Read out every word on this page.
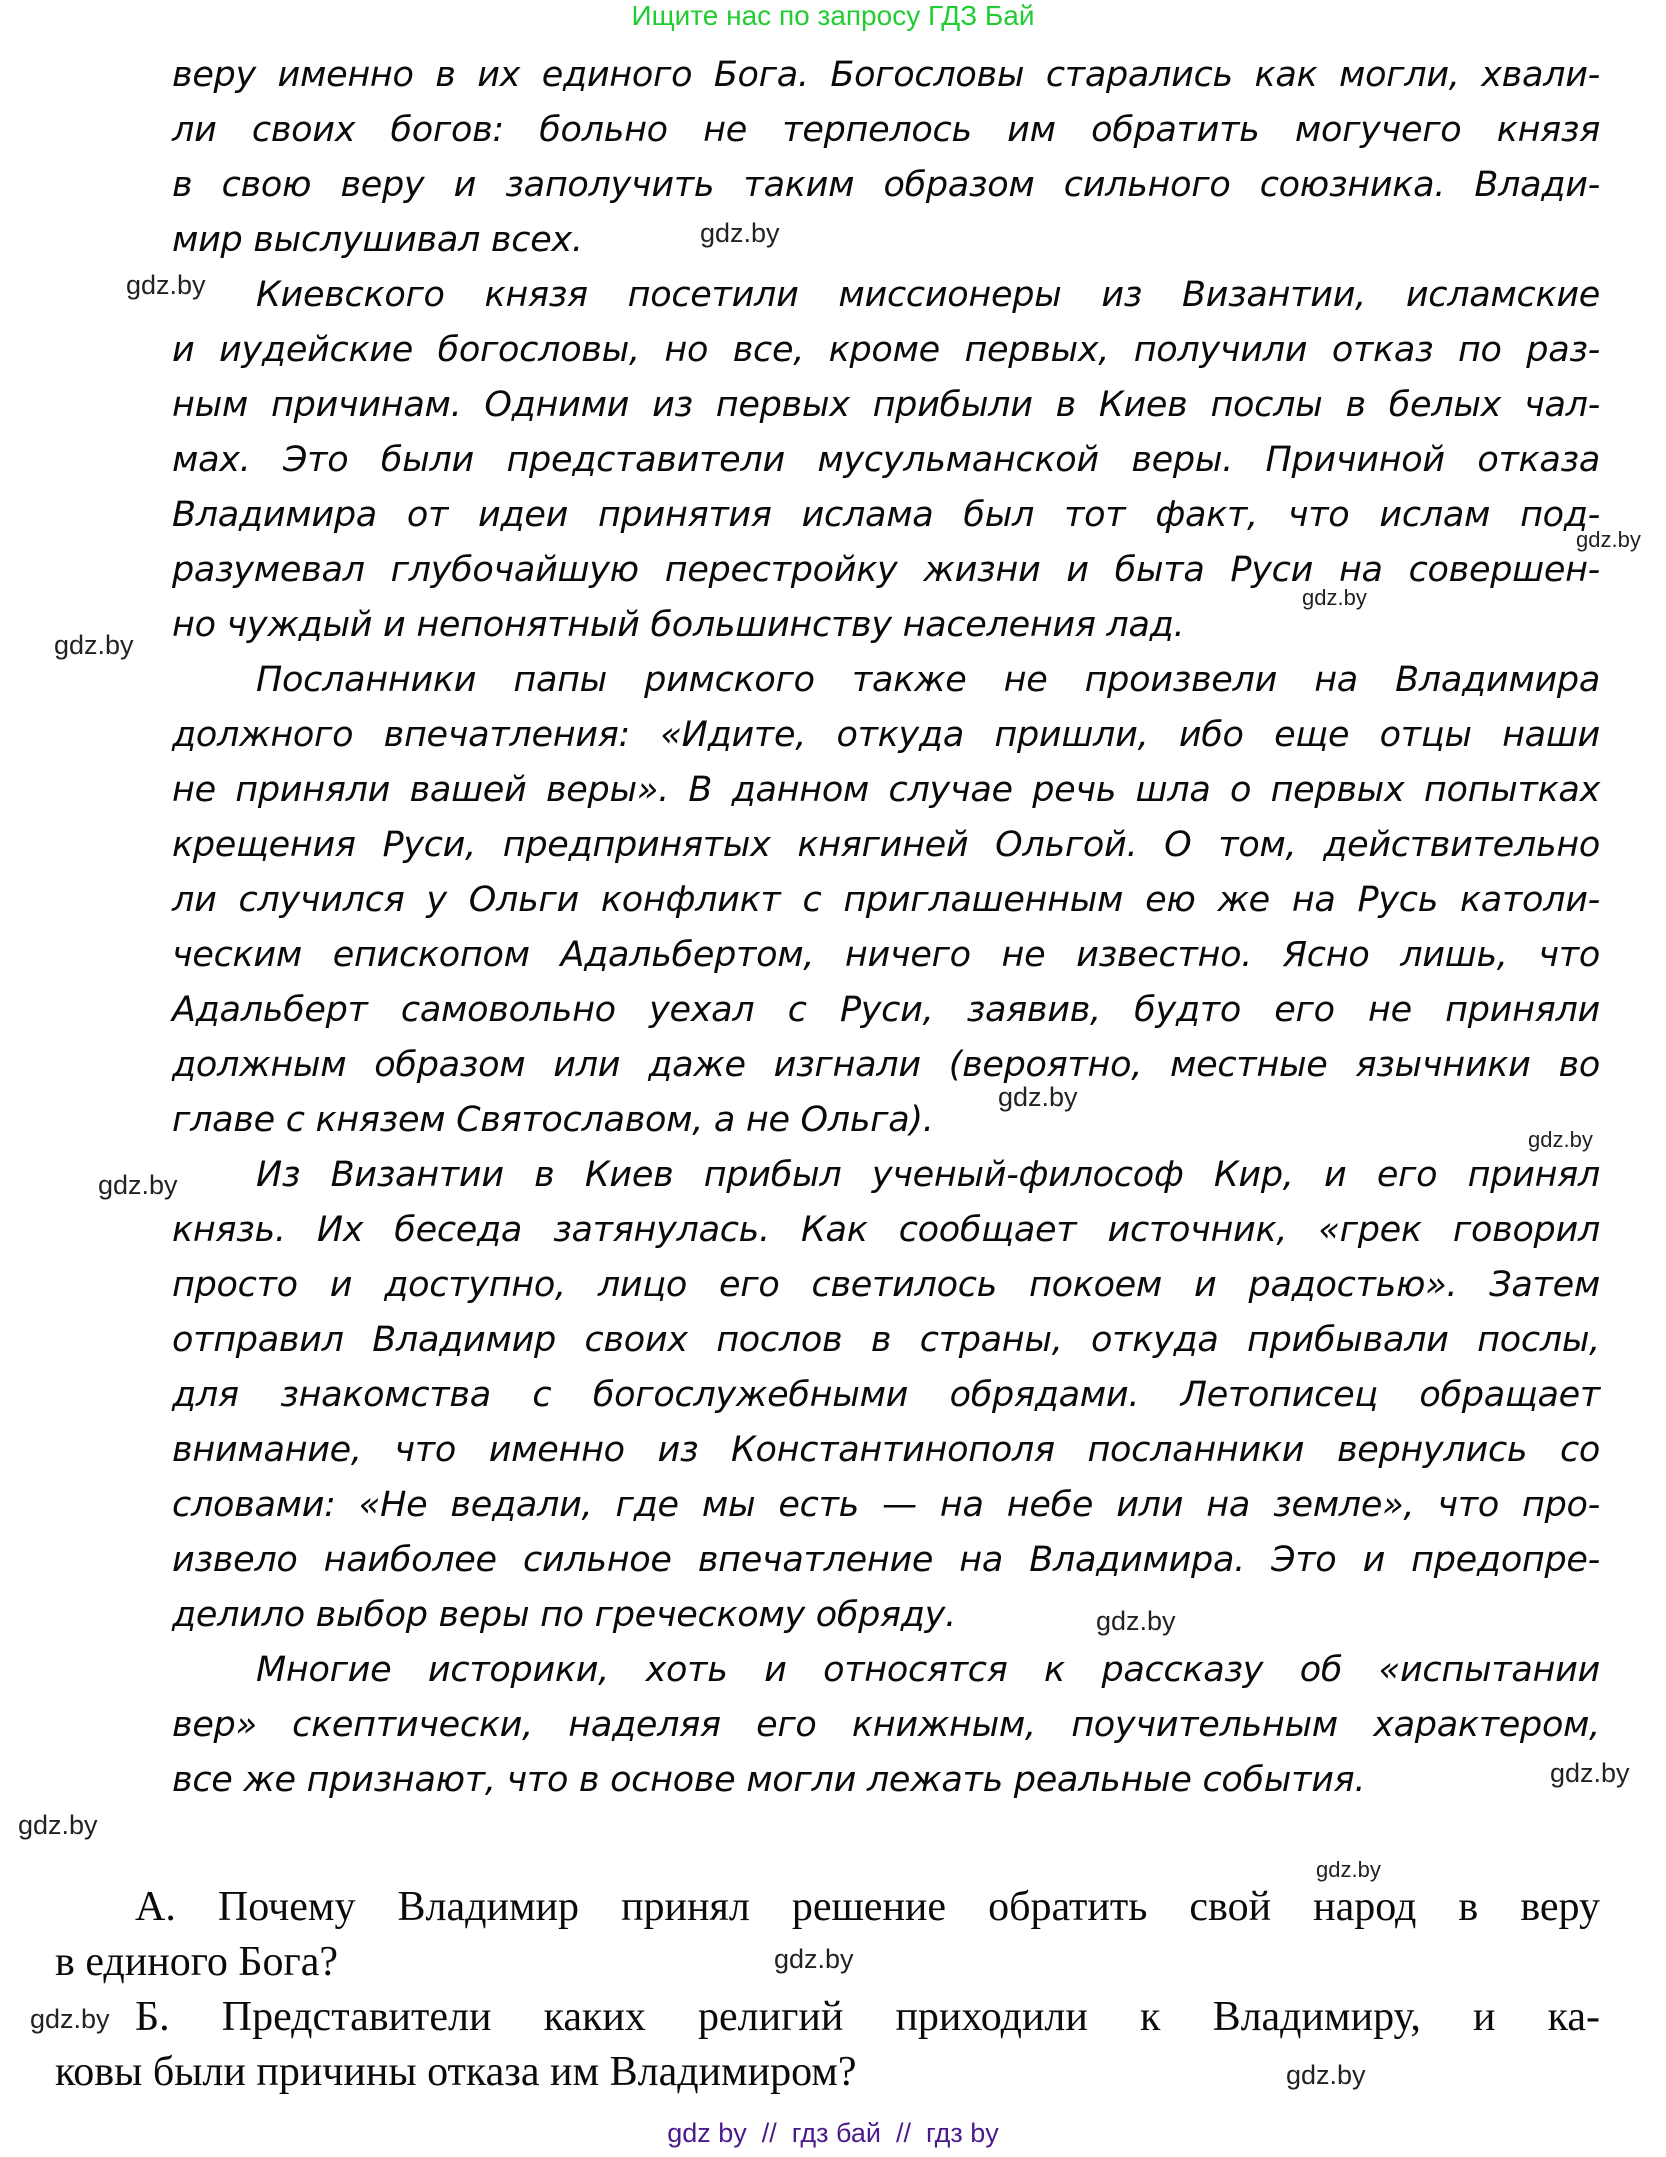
Ищите нас по запросу ГДЗ Бай
веру именно в их единого Бога. Богословы старались как могли, хвали-
ли своих богов: больно не терпелось им обратить могучего князя
в свою веру и заполучить таким образом сильного союзника. Влади-
мир выслушивал всех.
Киевского князя посетили миссионеры из Византии, исламские
и иудейские богословы, но все, кроме первых, получили отказ по раз-
ным причинам. Одними из первых прибыли в Киев послы в белых чал-
мах. Это были представители мусульманской веры. Причиной отказа
Владимира от идеи принятия ислама был тот факт, что ислам под-
разумевал глубочайшую перестройку жизни и быта Руси на совершен-
но чуждый и непонятный большинству населения лад.
Посланники папы римского также не произвели на Владимира
должного впечатления: «Идите, откуда пришли, ибо еще отцы наши
не приняли вашей веры». В данном случае речь шла о первых попытках
крещения Руси, предпринятых княгиней Ольгой. О том, действительно
ли случился у Ольги конфликт с приглашенным ею же на Русь католи-
ческим епископом Адальбертом, ничего не известно. Ясно лишь, что
Адальберт самовольно уехал с Руси, заявив, будто его не приняли
должным образом или даже изгнали (вероятно, местные язычники во
главе с князем Святославом, а не Ольга).
Из Византии в Киев прибыл ученый-философ Кир, и его принял
князь. Их беседа затянулась. Как сообщает источник, «грек говорил
просто и доступно, лицо его светилось покоем и радостью». Затем
отправил Владимир своих послов в страны, откуда прибывали послы,
для знакомства с богослужебными обрядами. Летописец обращает
внимание, что именно из Константинополя посланники вернулись со
словами: «Не ведали, где мы есть — на небе или на земле», что про-
извело наиболее сильное впечатление на Владимира. Это и предопре-
делило выбор веры по греческому обряду.
Многие историки, хоть и относятся к рассказу об «испытании
вер» скептически, наделяя его книжным, поучительным характером,
все же признают, что в основе могли лежать реальные события.
А. Почему Владимир принял решение обратить свой народ в веру
в единого Бога?
Б. Представители каких религий приходили к Владимиру, и ка-
ковы были причины отказа им Владимиром?
gdz.by
gdz.by
gdz.by
gdz.by
gdz.by
gdz.by
gdz.by
gdz.by
gdz.by
gdz.by
gdz.by
gdz.by
gdz.by
gdz.by
gdz.by
gdz by  //  гдз бай  //  гдз by
